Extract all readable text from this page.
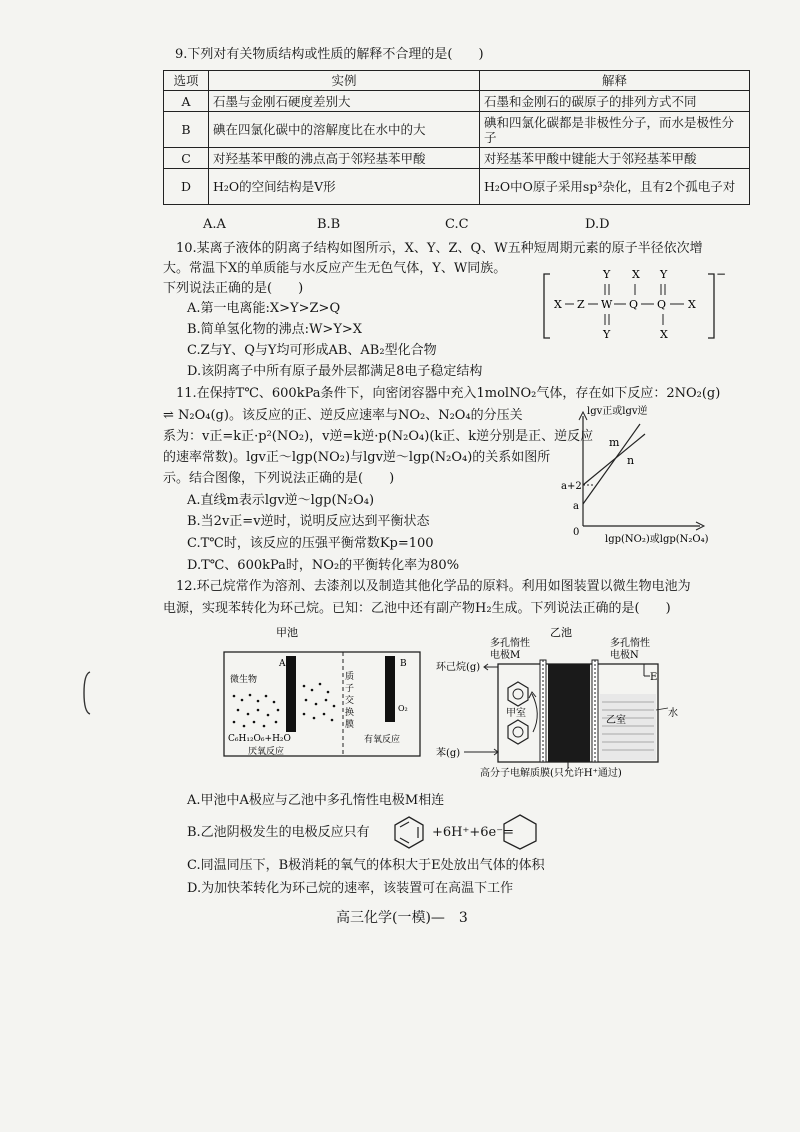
9.下列对有关物质结构或性质的解释不合理的是(　　)
选项	实例	解释
A	石墨与金刚石硬度差别大	石墨和金刚石的碳原子的排列方式不同
B	碘在四氯化碳中的溶解度比在水中的大	碘和四氯化碳都是非极性分子，而水是极性分子
C	对羟基苯甲酸的沸点高于邻羟基苯甲酸	对羟基苯甲酸中键能大于邻羟基苯甲酸
D	H₂O的空间结构是V形	H₂O中O原子采用sp³杂化，且有2个孤电子对
A.A	B.B	C.C	D.D
10.某离子液体的阴离子结构如图所示，X、Y、Z、Q、W五种短周期元素的原子半径依次增
大。常温下X的单质能与水反应产生无色气体，Y、W同族。
下列说法正确的是(　　)
A.第一电离能:X>Y>Z>Q
B.简单氢化物的沸点:W>Y>X
C.Z与Y、Q与Y均可形成AB、AB₂型化合物
D.该阴离子中所有原子最外层都满足8电子稳定结构
−
Y X Y
X Z W Q Q X
Y	X
11.在保持T℃、600kPa条件下，向密闭容器中充入1molNO₂气体，存在如下反应：2NO₂(g)
⇌ N₂O₄(g)。该反应的正、逆反应速率与NO₂、N₂O₄的分压关
系为：v正=k正·p²(NO₂)，v逆=k逆·p(N₂O₄)(k正、k逆分别是正、逆反应
的速率常数)。lgv正～lgp(NO₂)与lgv逆～lgp(N₂O₄)的关系如图所
示。结合图像，下列说法正确的是(　　)
A.直线m表示lgv逆～lgp(N₂O₄)
B.当2v正=v逆时，说明反应达到平衡状态
C.T℃时，该反应的压强平衡常数Kp=100
D.T℃、600kPa时，NO₂的平衡转化率为80%
lgv正或lgv逆
lgp(NO₂)或lgp(N₂O₄)
0
a+2
a
m
n
12.环己烷常作为溶剂、去漆剂以及制造其他化学品的原料。利用如图装置以微生物电池为
电源，实现苯转化为环己烷。已知：乙池中还有副产物H₂生成。下列说法正确的是(　　)
甲池
A	B
O₂
微生物
C₆H₁₂O₆+H₂O
厌氧反应
有氧反应
质
子
交
换
膜
质子交换膜
乙池
多孔惰性
电极M
多孔惰性
电极N
乙室
水
E
环己烷(g)
苯(g)
甲室
高分子电解质膜(只允许H⁺通过)
A.甲池中A极应与乙池中多孔惰性电极M相连
B.乙池阴极发生的电极反应只有	+6H⁺+6e⁻=
C.同温同压下，B极消耗的氧气的体积大于E处放出气体的体积
D.为加快苯转化为环己烷的速率，该装置可在高温下工作
高三化学(一模)—　3
